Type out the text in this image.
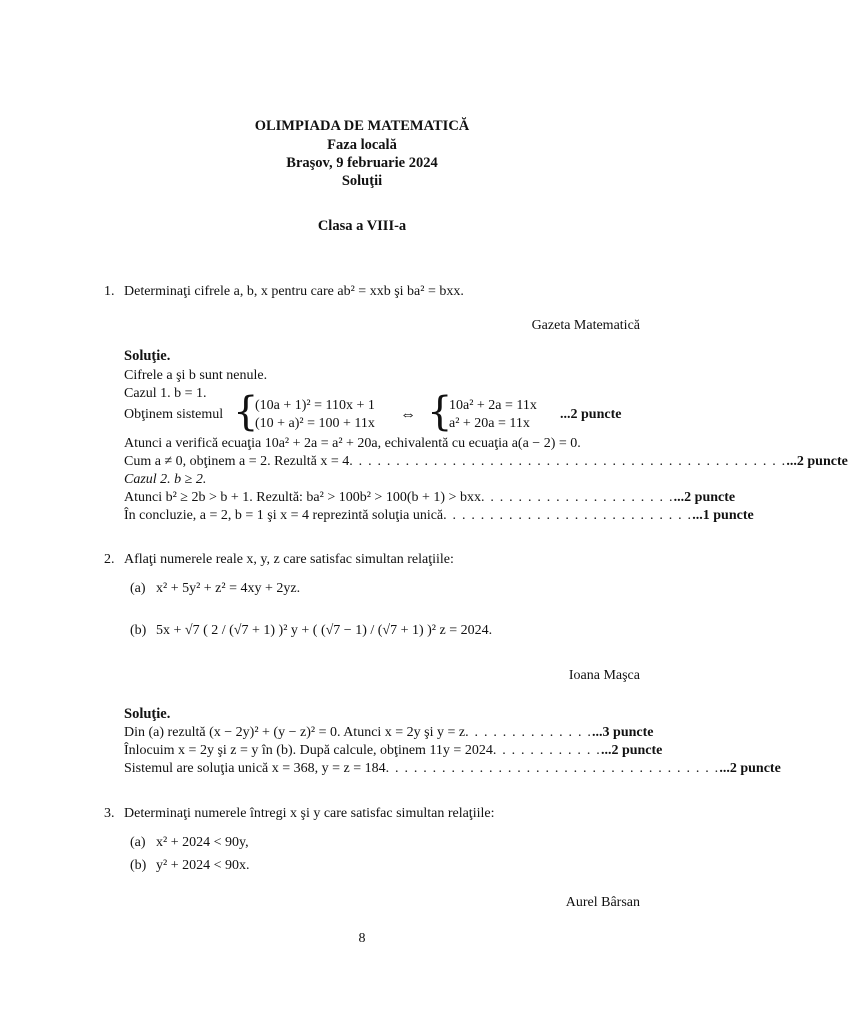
OLIMPIADA DE MATEMATICĂ
Faza locală
Braşov, 9 februarie 2024
Soluţii
Clasa a VIII-a
1. Determinaţi cifrele a, b, x pentru care ab² = xxb şi ba² = bxx.
Gazeta Matematică
Soluţie.
Cifrele a şi b sunt nenule.
Cazul 1. b = 1.
Obţinem sistemul {
(10a + 1)² = 110x + 1
(10 + a)² = 100 + 11x
⇔ {
10a² + 2a = 11x
a² + 20a = 11x
...2 puncte
Atunci a verifică ecuaţia 10a² + 2a = a² + 20a, echivalentă cu ecuaţia a(a − 2) = 0.
Cum a ≠ 0, obţinem a = 2. Rezultă x = 4 . . . . . . . . . . . . . . . . . . . . . . . . . . . . . . . . . . . . . . . . . . . . . . . ...2 puncte
Cazul 2. b ≥ 2.
Atunci b² ≥ 2b > b + 1. Rezultă: ba² > 100b² > 100(b + 1) > bxx . . . . . . . . . . . . . . . . . . . . . ...2 puncte
În concluzie, a = 2, b = 1 şi x = 4 reprezintă soluţia unică . . . . . . . . . . . . . . . . . . . . . . . . . . . ...1 puncte
2. Aflaţi numerele reale x, y, z care satisfac simultan relaţiile:
(a) x² + 5y² + z² = 4xy + 2yz.
(b) 5x + √7 ( 2 / (√7 + 1) )² y + ( (√7 − 1) / (√7 + 1) )² z = 2024.
Ioana Maşca
Soluţie.
Din (a) rezultă (x − 2y)² + (y − z)² = 0. Atunci x = 2y şi y = z . . . . . . . . . . . . . . ...3 puncte
Înlocuim x = 2y şi z = y în (b). După calcule, obţinem 11y = 2024 . . . . . . . . . . . . ...2 puncte
Sistemul are soluţia unică x = 368, y = z = 184 . . . . . . . . . . . . . . . . . . . . . . . . . . . . . . . . . . . . ...2 puncte
3. Determinaţi numerele întregi x şi y care satisfac simultan relaţiile:
(a) x² + 2024 < 90y,
(b) y² + 2024 < 90x.
Aurel Bârsan
8
